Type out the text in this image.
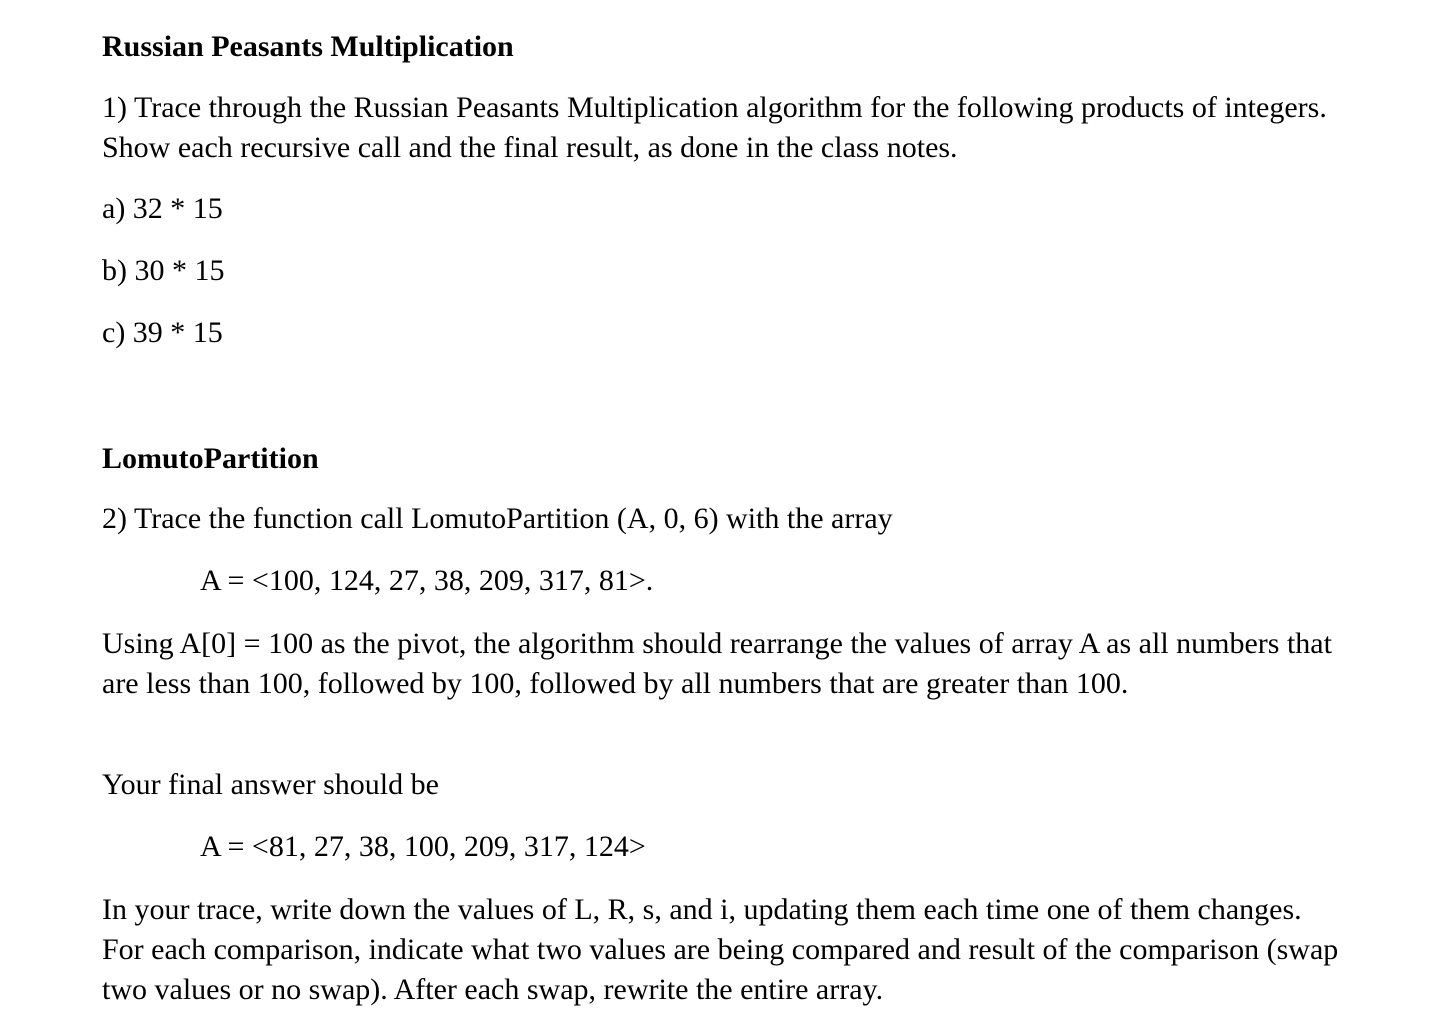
Russian Peasants Multiplication
1) Trace through the Russian Peasants Multiplication algorithm for the following products of integers. Show each recursive call and the final result, as done in the class notes.
a) 32 * 15
b) 30 * 15
c) 39 * 15
LomutoPartition
2) Trace the function call LomutoPartition (A, 0, 6) with the array
A = <100, 124, 27, 38, 209, 317, 81>.
Using A[0] = 100 as the pivot, the algorithm should rearrange the values of array A as all numbers that are less than 100, followed by 100, followed by all numbers that are greater than 100.
Your final answer should be
A = <81, 27, 38, 100, 209, 317, 124>
In your trace, write down the values of L, R, s, and i, updating them each time one of them changes. For each comparison, indicate what two values are being compared and result of the comparison (swap two values or no swap). After each swap, rewrite the entire array.
